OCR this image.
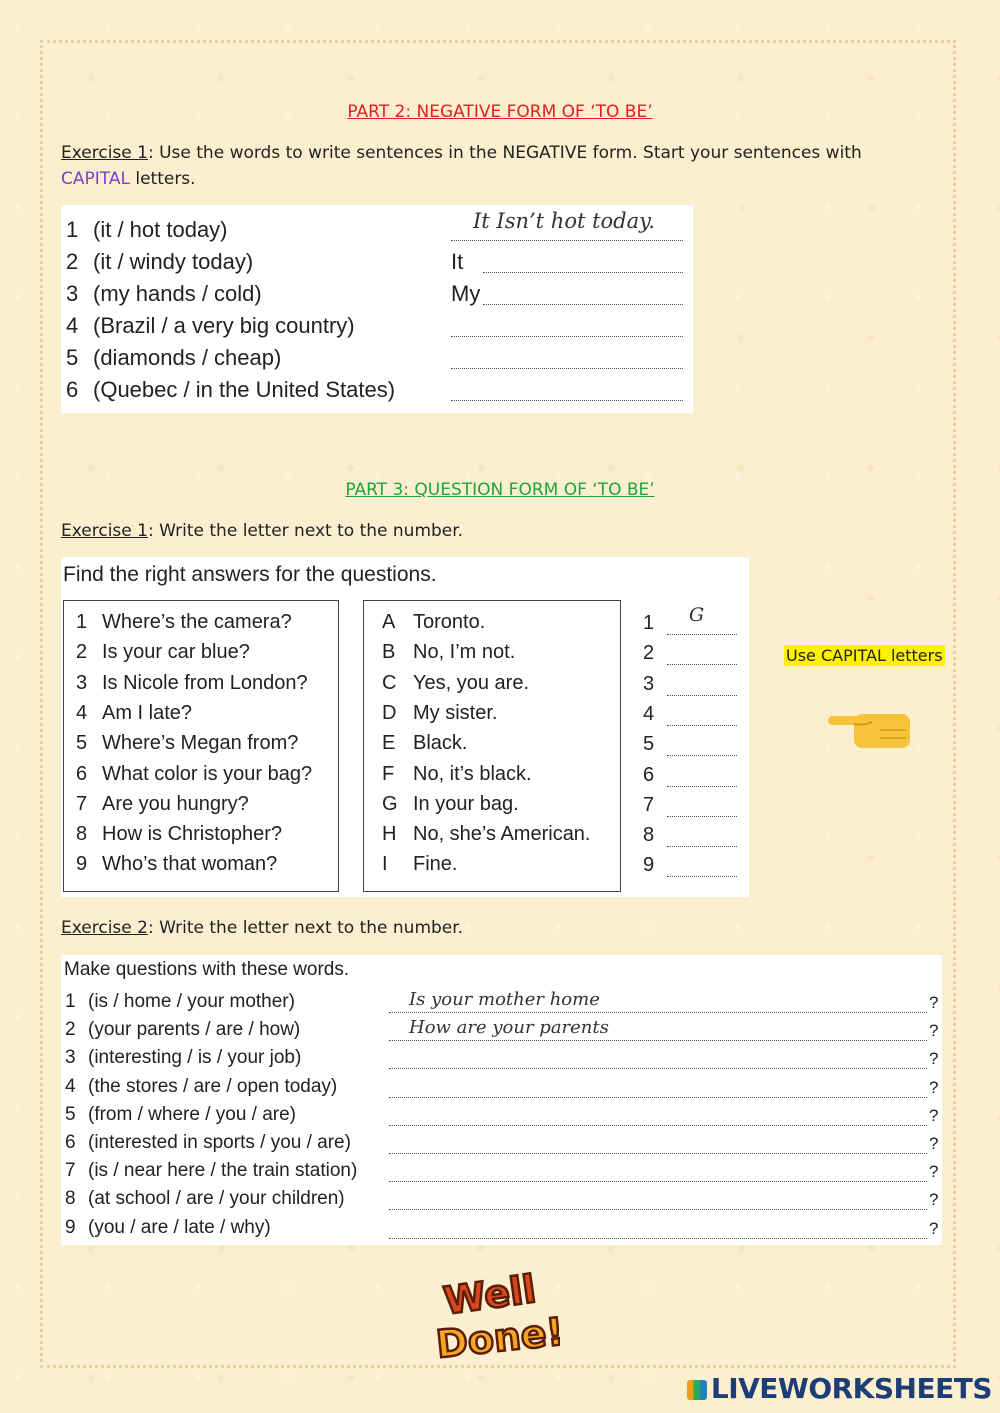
PART 2: NEGATIVE FORM OF ‘TO BE’
Exercise 1: Use the words to write sentences in the NEGATIVE form. Start your sentences with CAPITAL letters.
1 (it / hot today)	It Isn’t hot today.
2 (it / windy today)	It
3 (my hands / cold)	My
4 (Brazil / a very big country)
5 (diamonds / cheap)
6 (Quebec / in the United States)
PART 3: QUESTION FORM OF ‘TO BE’
Exercise 1: Write the letter next to the number.
Find the right answers for the questions.
1 Where’s the camera?
2 Is your car blue?
3 Is Nicole from London?
4 Am I late?
5 Where’s Megan from?
6 What color is your bag?
7 Are you hungry?
8 How is Christopher?
9 Who’s that woman?
A Toronto.
B No, I’m not.
C Yes, you are.
D My sister.
E Black.
F No, it’s black.
G In your bag.
H No, she’s American.
I Fine.
1 G
2
3
4
5
6
7
8
9
Use CAPITAL letters
Exercise 2: Write the letter next to the number.
Make questions with these words.
1 (is / home / your mother)	Is your mother home	?
2 (your parents / are / how)	How are your parents	?
3 (interesting / is / your job)	?
4 (the stores / are / open today)	?
5 (from / where / you / are)	?
6 (interested in sports / you / are)	?
7 (is / near here / the train station)	?
8 (at school / are / your children)	?
9 (you / are / late / why)	?
Well
Done!
LIVEWORKSHEETS
